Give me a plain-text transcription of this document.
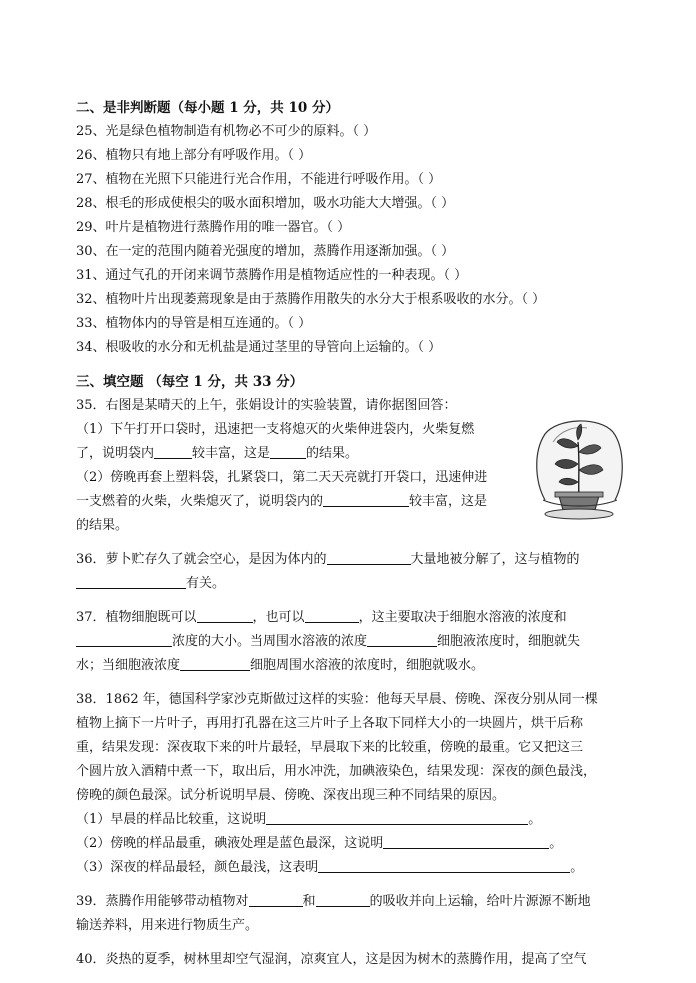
二、是非判断题（每小题 1 分，共 10 分）

25、光是绿色植物制造有机物必不可少的原料。（ ）

26、植物只有地上部分有呼吸作用。（ ）

27、植物在光照下只能进行光合作用，不能进行呼吸作用。（ ）

28、根毛的形成使根尖的吸水面积增加，吸水功能大大增强。（ ）

29、叶片是植物进行蒸腾作用的唯一器官。（ ）

30、在一定的范围内随着光强度的增加，蒸腾作用逐渐加强。（ ）

31、通过气孔的开闭来调节蒸腾作用是植物适应性的一种表现。（ ）

32、植物叶片出现萎蔫现象是由于蒸腾作用散失的水分大于根系吸收的水分。（ ）

33、植物体内的导管是相互连通的。（ ）

34、根吸收的水分和无机盐是通过茎里的导管向上运输的。（ ）

三、填空题 （每空 1 分，共 33 分）

35．右图是某晴天的上午，张娟设计的实验装置，请你据图回答：

（1）下午打开口袋时，迅速把一支将熄灭的火柴伸进袋内，火柴复燃

了，说明袋内	较丰富，这是	的结果。

（2）傍晚再套上塑料袋，扎紧袋口，第二天天亮就打开袋口，迅速伸进

一支燃着的火柴，火柴熄灭了，说明袋内的	较丰富，这是

的结果。

36．萝卜贮存久了就会空心，是因为体内的	大量地被分解了，这与植物的

有关。

37．植物细胞既可以	，也可以	，这主要取决于细胞水溶液的浓度和

浓度的大小。当周围水溶液的浓度	细胞液浓度时，细胞就失

水；当细胞液浓度	细胞周围水溶液的浓度时，细胞就吸水。

38．1862 年，德国科学家沙克斯做过这样的实验：他每天早晨、傍晚、深夜分别从同一棵

植物上摘下一片叶子，再用打孔器在这三片叶子上各取下同样大小的一块圆片，烘干后称

重，结果发现：深夜取下来的叶片最轻，早晨取下来的比较重，傍晚的最重。它又把这三

个圆片放入酒精中煮一下，取出后，用水冲洗，加碘液染色，结果发现：深夜的颜色最浅，

傍晚的颜色最深。试分析说明早晨、傍晚、深夜出现三种不同结果的原因。

（1）早晨的样品比较重，这说明	。

（2）傍晚的样品最重，碘液处理是蓝色最深，这说明	。

（3）深夜的样品最轻，颜色最浅，这表明	。

39．蒸腾作用能够带动植物对	和	的吸收并向上运输，给叶片源源不断地

输送养料，用来进行物质生产。

40．炎热的夏季，树林里却空气湿润，凉爽宜人，这是因为树木的蒸腾作用，提高了空气
